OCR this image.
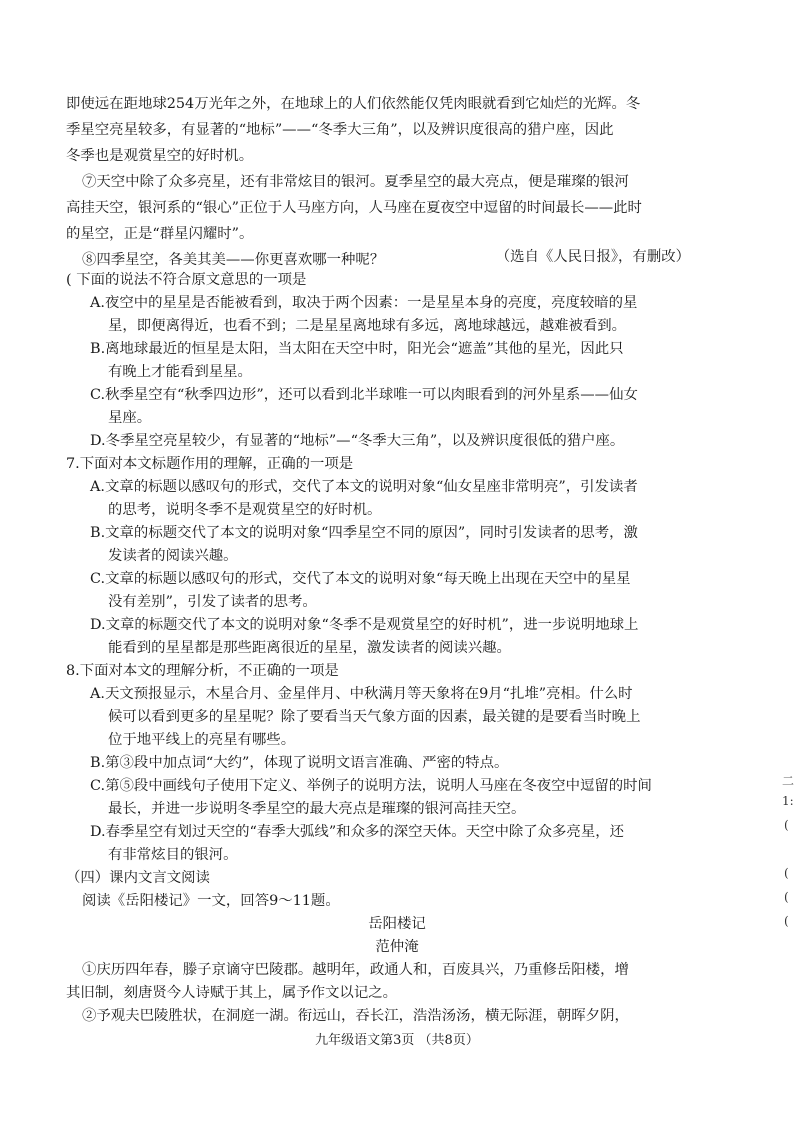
即使远在距地球254万光年之外，在地球上的人们依然能仅凭肉眼就看到它灿烂的光辉。冬
季星空亮星较多，有显著的“地标”——“冬季大三角”，以及辨识度很高的猎户座，因此
冬季也是观赏星空的好时机。
⑦天空中除了众多亮星，还有非常炫目的银河。夏季星空的最大亮点，便是璀璨的银河
高挂天空，银河系的“银心”正位于人马座方向，人马座在夏夜空中逗留的时间最长——此时
的星空，正是“群星闪耀时”。
⑧四季星空，各美其美——你更喜欢哪一种呢？	（选自《人民日报》，有删改）
( 下面的说法不符合原文意思的一项是
A.夜空中的星星是否能被看到，取决于两个因素：一是星星本身的亮度，亮度较暗的星
星，即便离得近，也看不到；二是星星离地球有多远，离地球越远，越难被看到。
B.离地球最近的恒星是太阳，当太阳在天空中时，阳光会“遮盖”其他的星光，因此只
有晚上才能看到星星。
C.秋季星空有“秋季四边形”，还可以看到北半球唯一可以肉眼看到的河外星系——仙女
星座。
D.冬季星空亮星较少，有显著的“地标”—“冬季大三角”，以及辨识度很低的猎户座。
7.下面对本文标题作用的理解，正确的一项是
A.文章的标题以感叹句的形式，交代了本文的说明对象“仙女星座非常明亮”，引发读者
的思考，说明冬季不是观赏星空的好时机。
B.文章的标题交代了本文的说明对象“四季星空不同的原因”，同时引发读者的思考，激
发读者的阅读兴趣。
C.文章的标题以感叹句的形式，交代了本文的说明对象“每天晚上出现在天空中的星星
没有差别”，引发了读者的思考。
D.文章的标题交代了本文的说明对象“冬季不是观赏星空的好时机”，进一步说明地球上
能看到的星星都是那些距离很近的星星，激发读者的阅读兴趣。
8.下面对本文的理解分析，不正确的一项是
A.天文预报显示，木星合月、金星伴月、中秋满月等天象将在9月“扎堆”亮相。什么时
候可以看到更多的星星呢？除了要看当天气象方面的因素，最关键的是要看当时晚上
位于地平线上的亮星有哪些。
B.第③段中加点词“大约”，体现了说明文语言准确、严密的特点。
C.第⑤段中画线句子使用下定义、举例子的说明方法，说明人马座在冬夜空中逗留的时间
最长，并进一步说明冬季星空的最大亮点是璀璨的银河高挂天空。
D.春季星空有划过天空的“春季大弧线”和众多的深空天体。天空中除了众多亮星，还
有非常炫目的银河。
（四）课内文言文阅读
阅读《岳阳楼记》一文，回答9～11题。
岳阳楼记
范仲淹
①庆历四年春，滕子京谪守巴陵郡。越明年，政通人和，百废具兴，乃重修岳阳楼，增
其旧制，刻唐贤今人诗赋于其上，属予作文以记之。
②予观夫巴陵胜状，在洞庭一湖。衔远山，吞长江，浩浩汤汤，横无际涯，朝晖夕阴，
九年级语文第3页 （共8页）
二
1:
(
(
(
(
